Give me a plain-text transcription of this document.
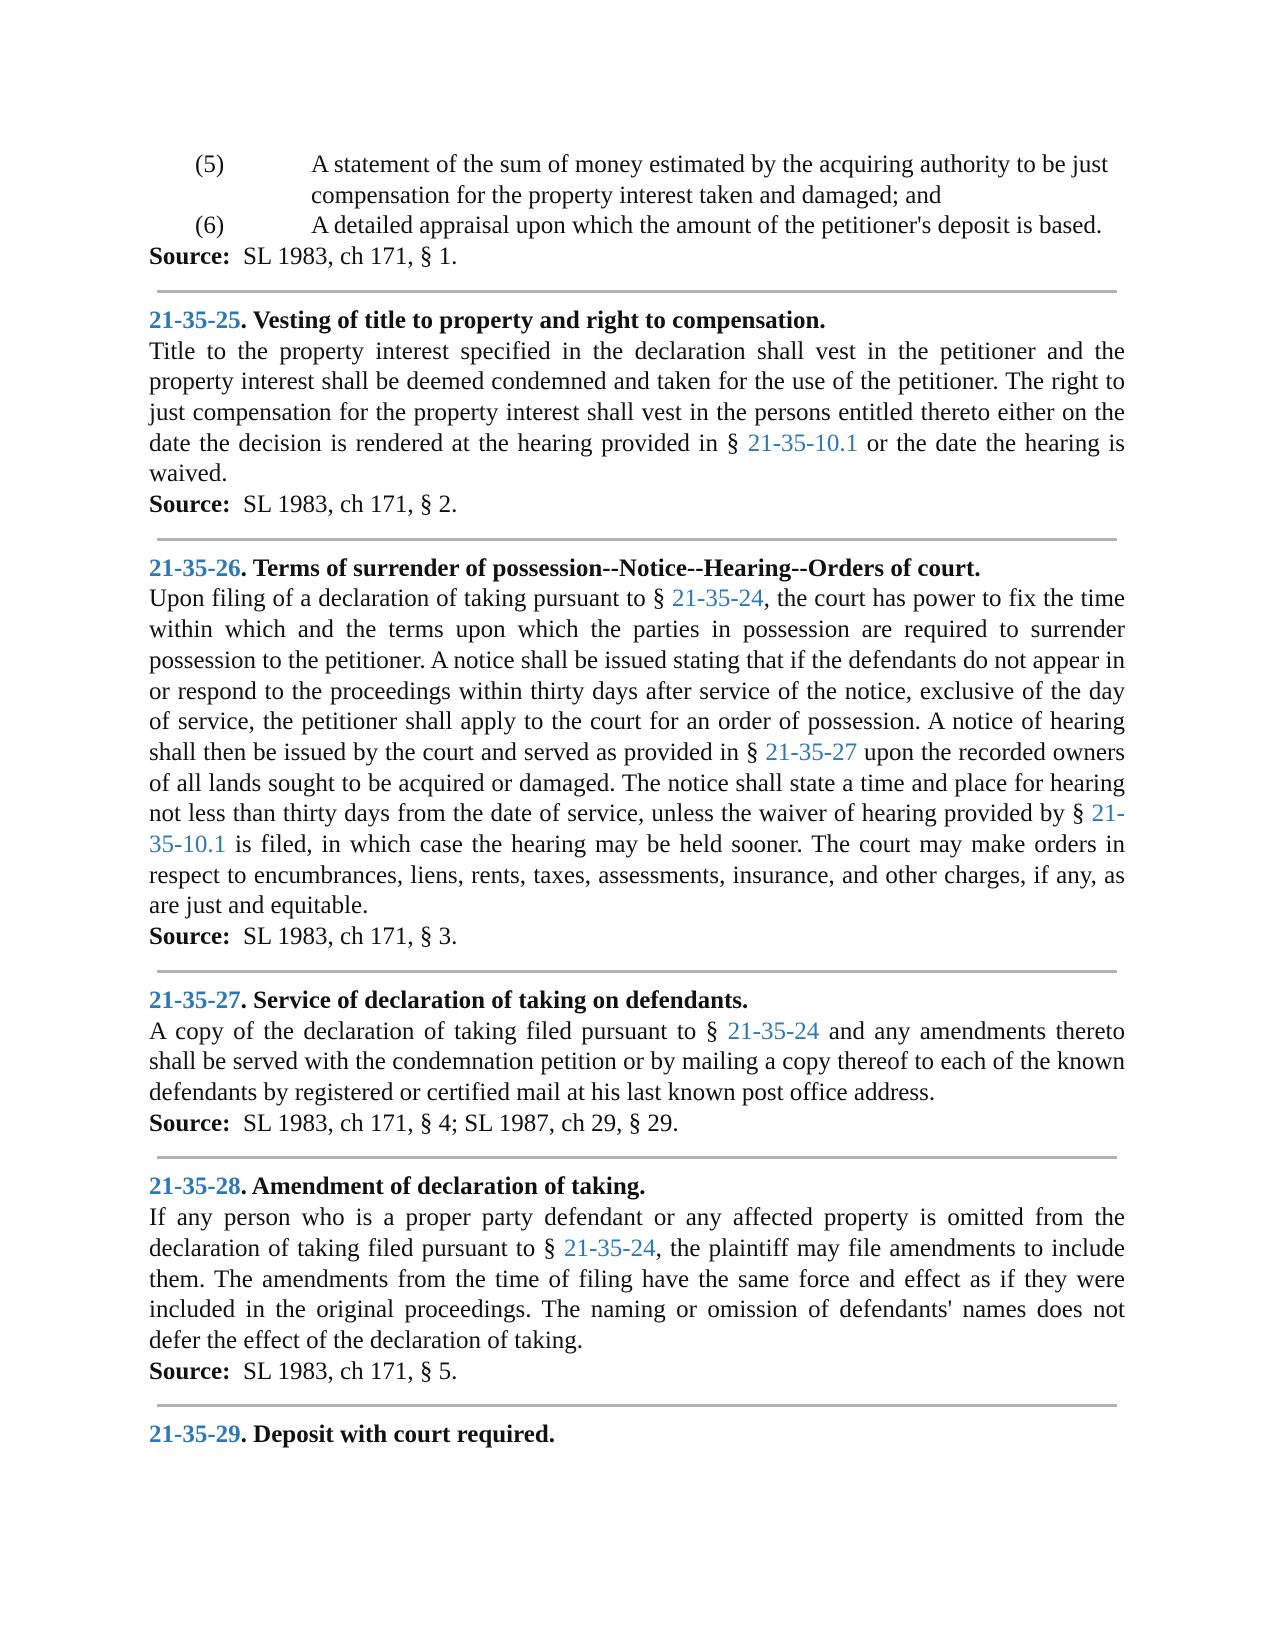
(5)	A statement of the sum of money estimated by the acquiring authority to be just compensation for the property interest taken and damaged; and

(6)	A detailed appraisal upon which the amount of the petitioner's deposit is based.

Source: SL 1983, ch 171, § 1.

21-35-25. Vesting of title to property and right to compensation.

Title to the property interest specified in the declaration shall vest in the petitioner and the property interest shall be deemed condemned and taken for the use of the petitioner. The right to just compensation for the property interest shall vest in the persons entitled thereto either on the date the decision is rendered at the hearing provided in § 21-35-10.1 or the date the hearing is waived.

Source: SL 1983, ch 171, § 2.

21-35-26. Terms of surrender of possession--Notice--Hearing--Orders of court.

Upon filing of a declaration of taking pursuant to § 21-35-24, the court has power to fix the time within which and the terms upon which the parties in possession are required to surrender possession to the petitioner. A notice shall be issued stating that if the defendants do not appear in or respond to the proceedings within thirty days after service of the notice, exclusive of the day of service, the petitioner shall apply to the court for an order of possession. A notice of hearing shall then be issued by the court and served as provided in § 21-35-27 upon the recorded owners of all lands sought to be acquired or damaged. The notice shall state a time and place for hearing not less than thirty days from the date of service, unless the waiver of hearing provided by § 21-35-10.1 is filed, in which case the hearing may be held sooner. The court may make orders in respect to encumbrances, liens, rents, taxes, assessments, insurance, and other charges, if any, as are just and equitable.

Source: SL 1983, ch 171, § 3.

21-35-27. Service of declaration of taking on defendants.

A copy of the declaration of taking filed pursuant to § 21-35-24 and any amendments thereto shall be served with the condemnation petition or by mailing a copy thereof to each of the known defendants by registered or certified mail at his last known post office address.

Source: SL 1983, ch 171, § 4; SL 1987, ch 29, § 29.

21-35-28. Amendment of declaration of taking.

If any person who is a proper party defendant or any affected property is omitted from the declaration of taking filed pursuant to § 21-35-24, the plaintiff may file amendments to include them. The amendments from the time of filing have the same force and effect as if they were included in the original proceedings. The naming or omission of defendants' names does not defer the effect of the declaration of taking.

Source: SL 1983, ch 171, § 5.

21-35-29. Deposit with court required.
